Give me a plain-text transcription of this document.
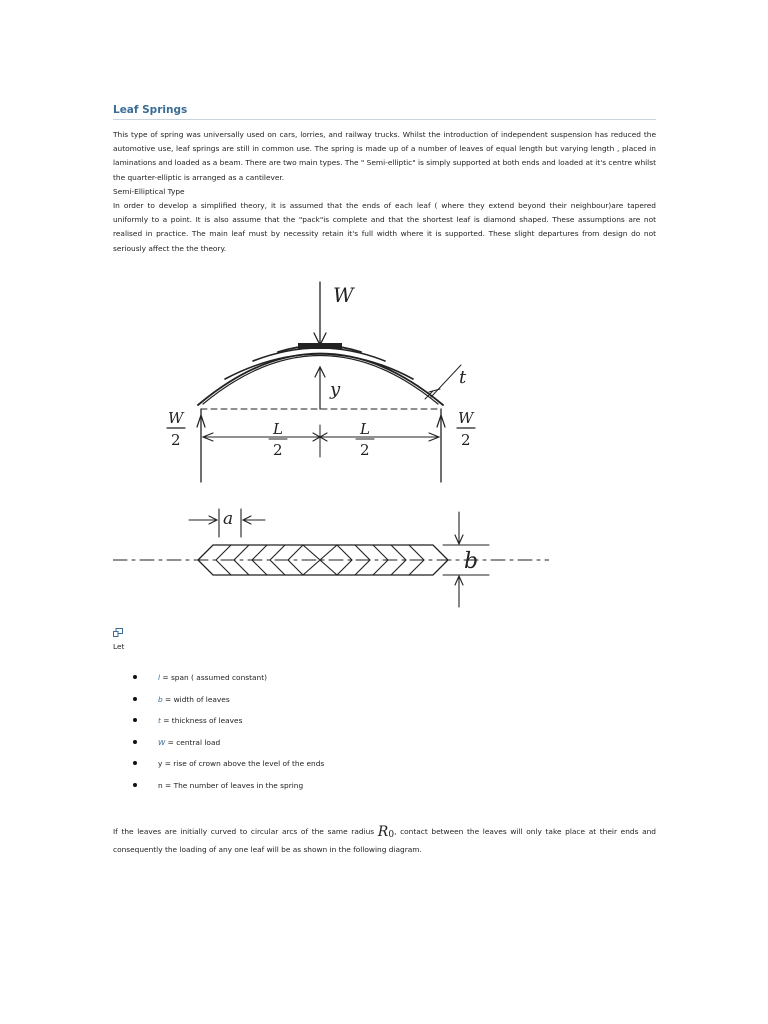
Leaf Springs

This type of spring was universally used on cars, lorries, and railway trucks. Whilst the introduction of independent suspension has reduced the automotive use, leaf springs are still in common use. The spring is made up of a number of leaves of equal length but varying length , placed in laminations and loaded as a beam. There are two main types. The " Semi-elliptic" is simply supported at both ends and loaded at it's centre whilst the quarter-elliptic is arranged as a cantilever.

Semi-Elliptical Type

In order to develop a simplified theory, it is assumed that the ends of each leaf ( where they extend beyond their neighbour)are tapered uniformly to a point. It is also assume that the "pack"is complete and that the shortest leaf is diamond shaped. These assumptions are not realised in practice. The main leaf must by necessity retain it's full width where it is supported. These slight departures from design do not seriously affect the the theory.

W
y
t
W
2
W
2
L
2
L
2
a
b
Let
l = span ( assumed constant)
b = width of leaves
t = thickness of leaves
W = central load
y = rise of crown above the level of the ends
n = The number of leaves in the spring

If the leaves are initially curved to circular arcs of the same radius R0, contact between the leaves will only take place at their ends and consequently the loading of any one leaf will be as shown in the following diagram.
